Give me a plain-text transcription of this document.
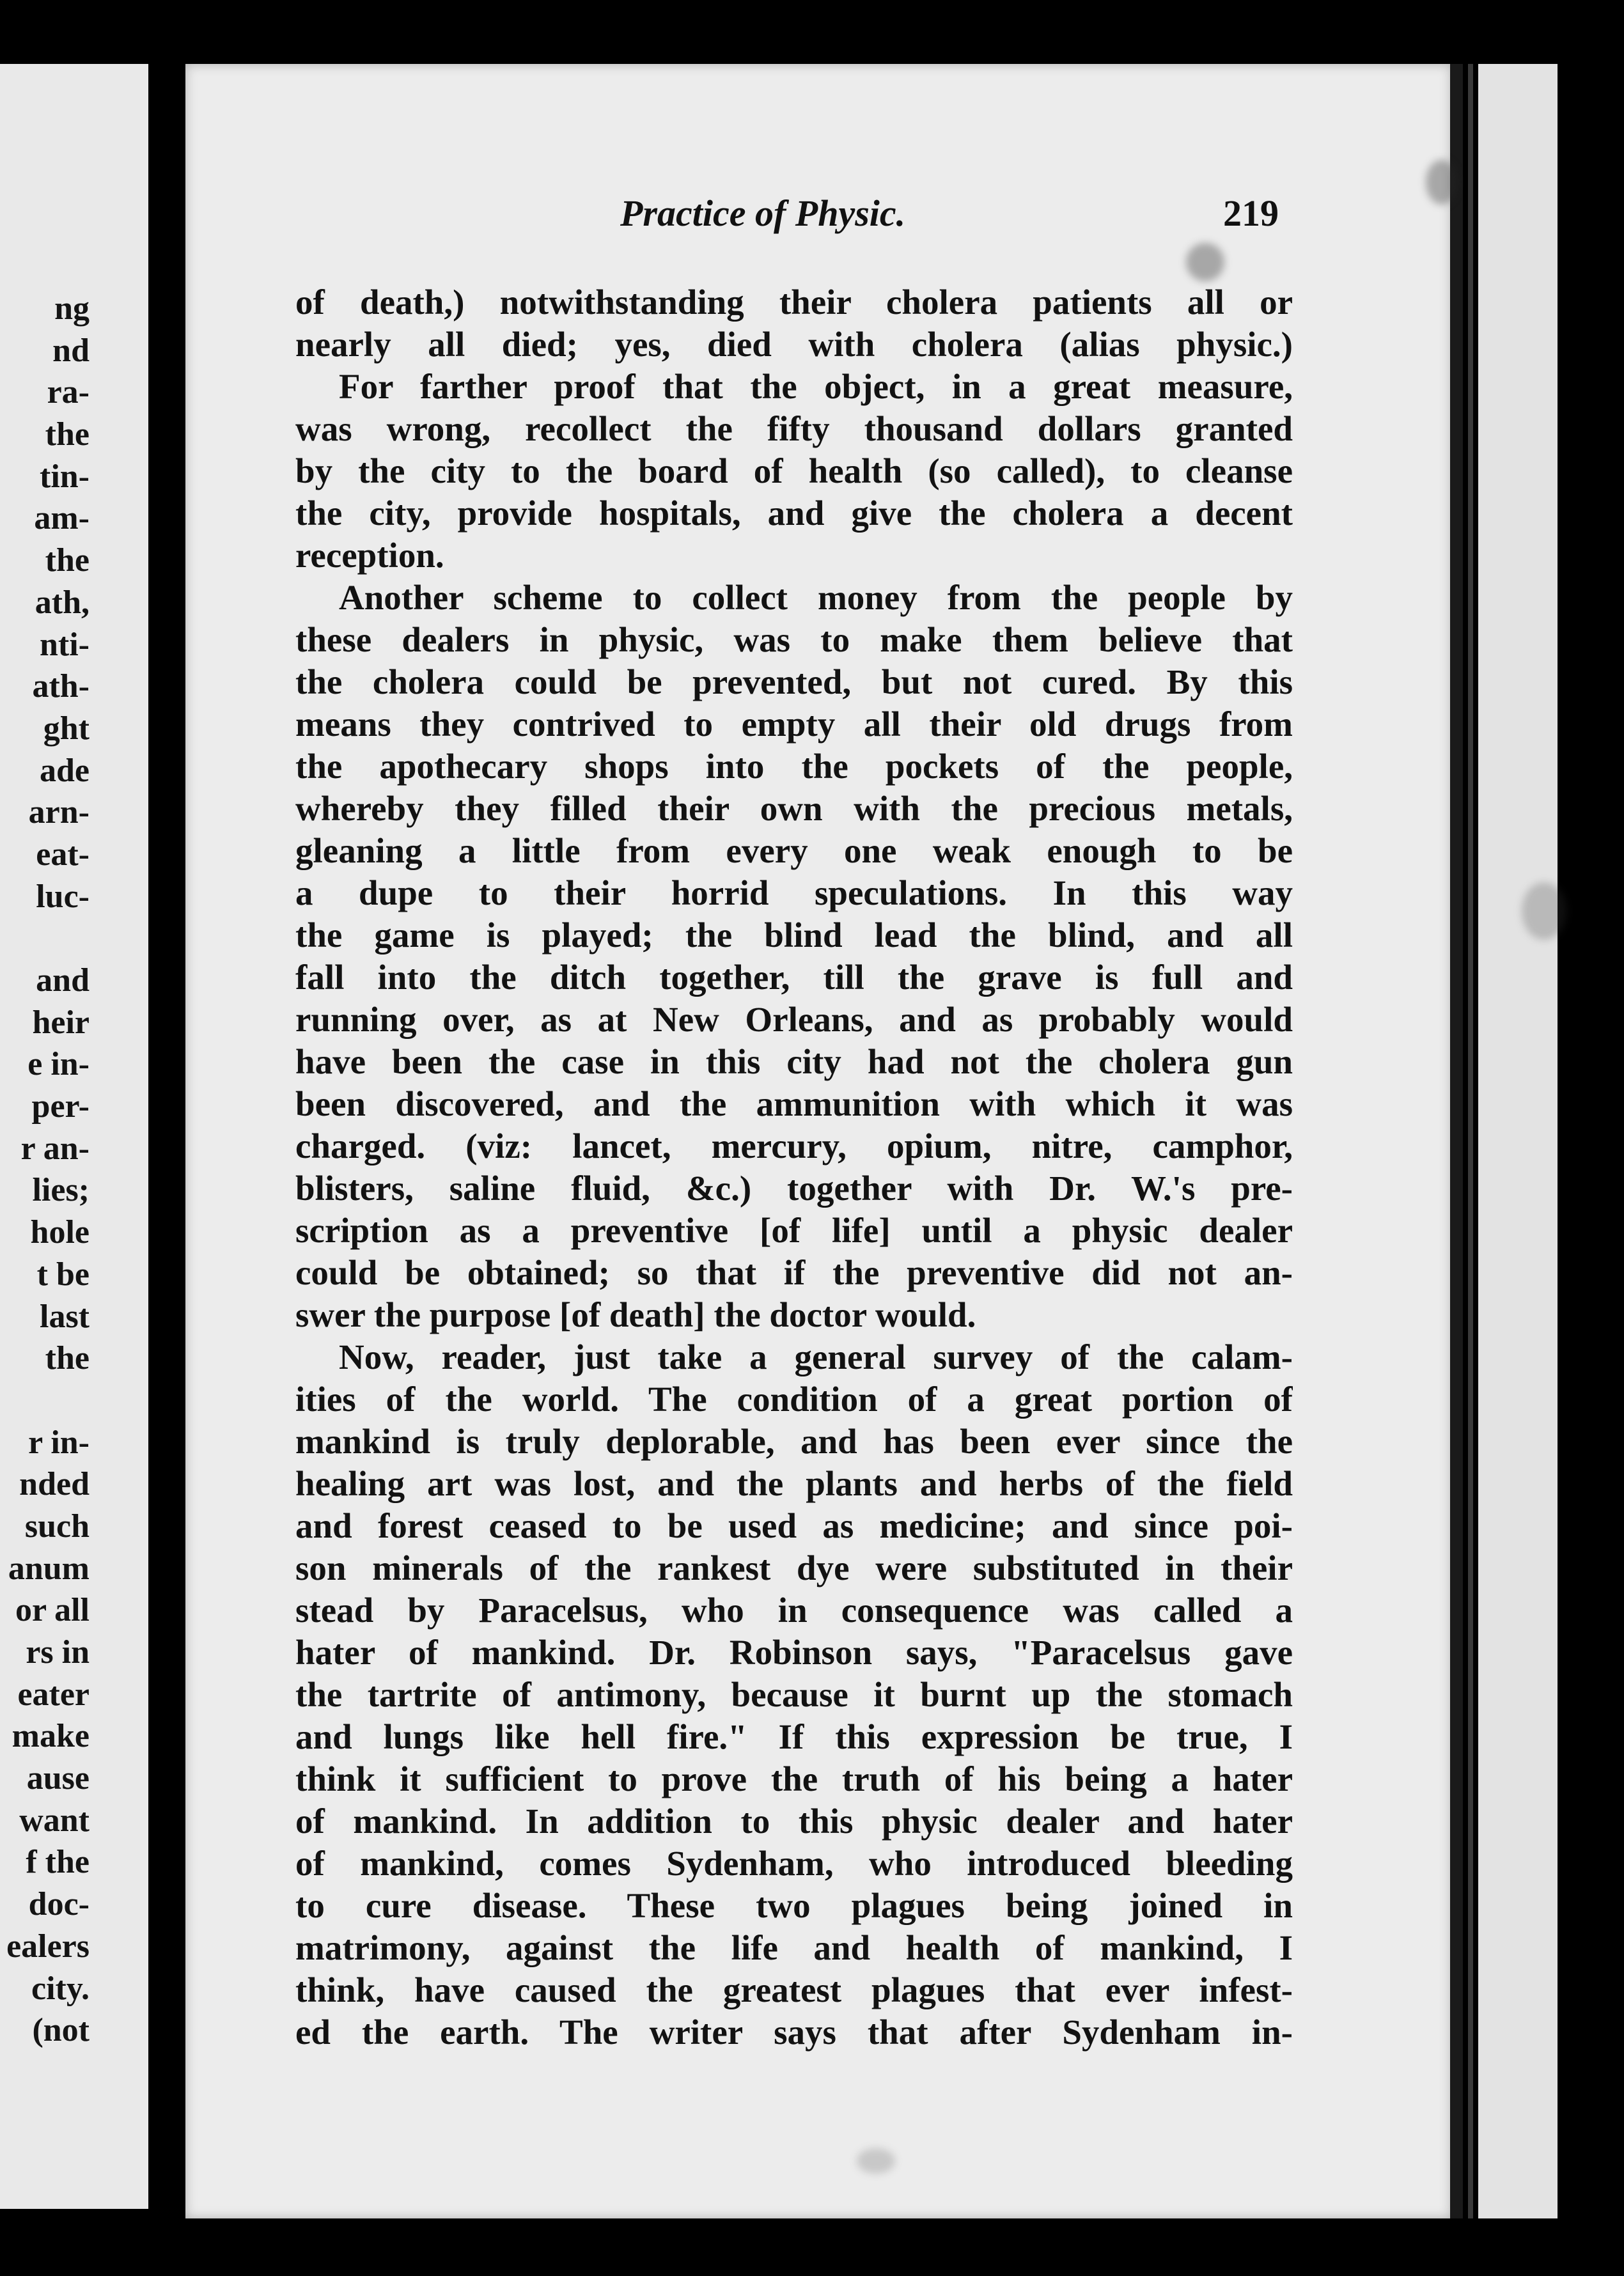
ng
nd
ra-
the
tin-
am-
the
ath,
nti-
ath-
ght
ade
arn-
eat-
luc-
and
heir
e in-
per-
r an-
lies;
hole
t be
last
the
r in-
nded
such
anum
or all
rs in
eater
make
ause
want
f the
doc-
ealers
city.
(not
Practice of Physic.	219
of death,) notwithstanding their cholera patients all or
nearly all died; yes, died with cholera (alias physic.)
For farther proof that the object, in a great measure,
was wrong, recollect the fifty thousand dollars granted
by the city to the board of health (so called), to cleanse
the city, provide hospitals, and give the cholera a decent
reception.
Another scheme to collect money from the people by
these dealers in physic, was to make them believe that
the cholera could be prevented, but not cured. By this
means they contrived to empty all their old drugs from
the apothecary shops into the pockets of the people,
whereby they filled their own with the precious metals,
gleaning a little from every one weak enough to be
a dupe to their horrid speculations. In this way
the game is played; the blind lead the blind, and all
fall into the ditch together, till the grave is full and
running over, as at New Orleans, and as probably would
have been the case in this city had not the cholera gun
been discovered, and the ammunition with which it was
charged. (viz: lancet, mercury, opium, nitre, camphor,
blisters, saline fluid, &c.) together with Dr. W.'s pre-
scription as a preventive [of life] until a physic dealer
could be obtained; so that if the preventive did not an-
swer the purpose [of death] the doctor would.
Now, reader, just take a general survey of the calam-
ities of the world. The condition of a great portion of
mankind is truly deplorable, and has been ever since the
healing art was lost, and the plants and herbs of the field
and forest ceased to be used as medicine; and since poi-
son minerals of the rankest dye were substituted in their
stead by Paracelsus, who in consequence was called a
hater of mankind. Dr. Robinson says, "Paracelsus gave
the tartrite of antimony, because it burnt up the stomach
and lungs like hell fire." If this expression be true, I
think it sufficient to prove the truth of his being a hater
of mankind. In addition to this physic dealer and hater
of mankind, comes Sydenham, who introduced bleeding
to cure disease. These two plagues being joined in
matrimony, against the life and health of mankind, I
think, have caused the greatest plagues that ever infest-
ed the earth. The writer says that after Sydenham in-
